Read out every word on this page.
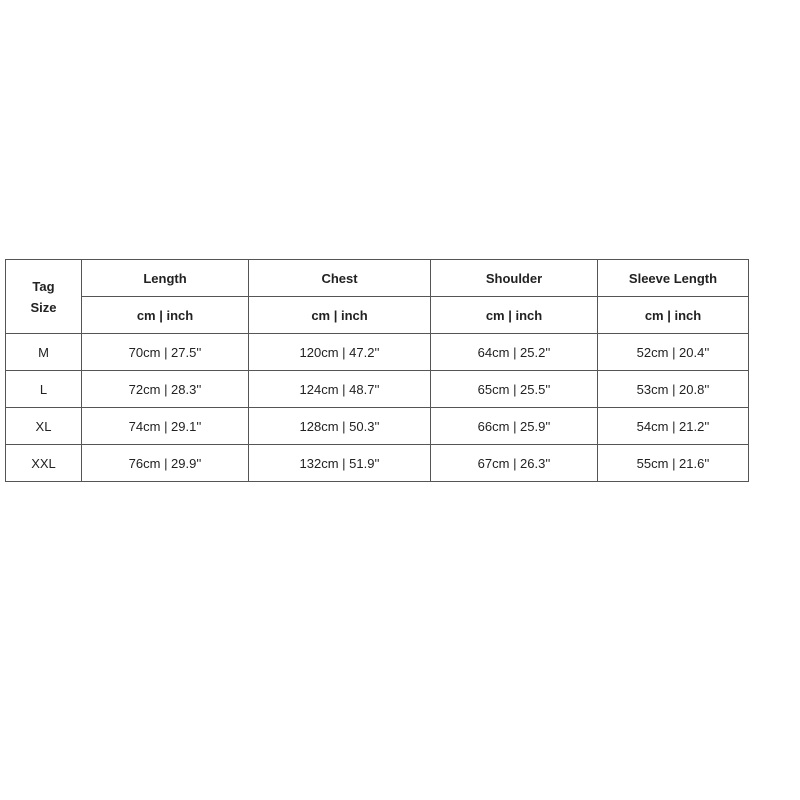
Tag
Size	Length	Chest	Shoulder	Sleeve Length
	cm | inch	cm | inch	cm | inch	cm | inch
M	70cm | 27.5''	120cm | 47.2''	64cm | 25.2''	52cm | 20.4''
L	72cm | 28.3''	124cm | 48.7''	65cm | 25.5''	53cm | 20.8''
XL	74cm | 29.1''	128cm | 50.3''	66cm | 25.9''	54cm | 21.2''
XXL	76cm | 29.9''	132cm | 51.9''	67cm | 26.3''	55cm | 21.6''
